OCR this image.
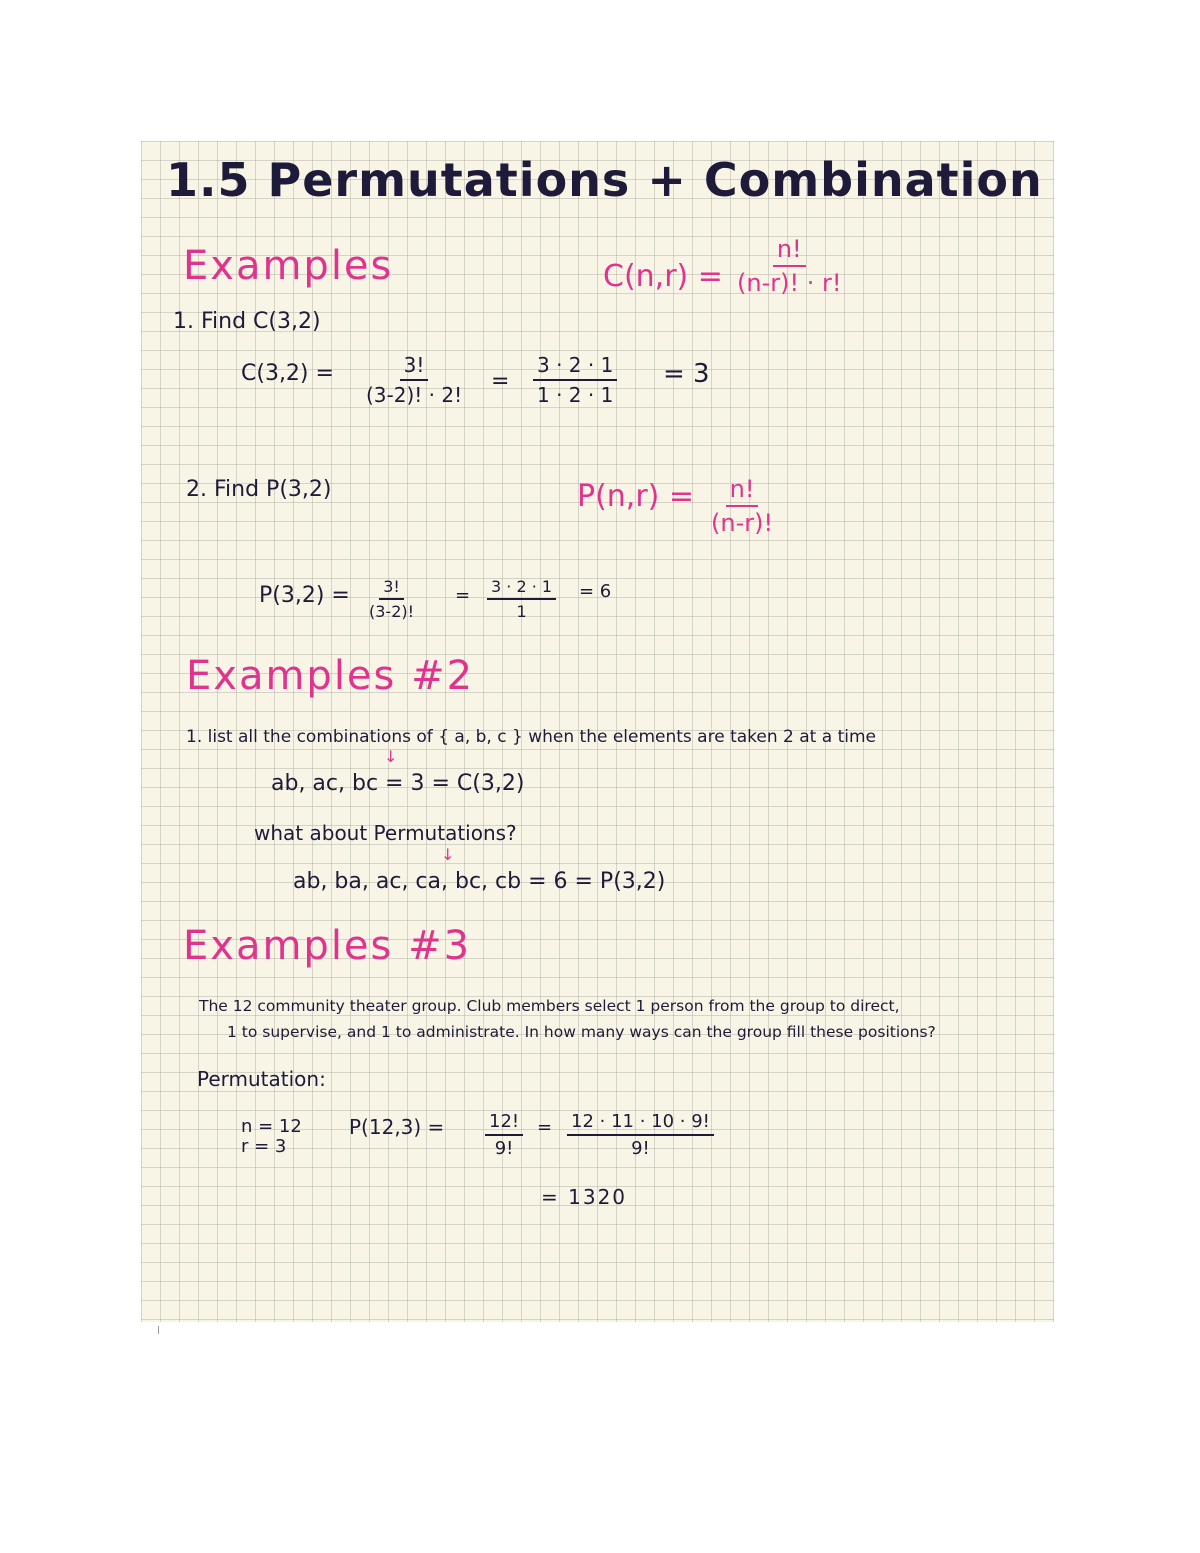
1.5 Permutations + Combination
Examples	$C(n,r) = \frac{n!}{(n-r)! \cdot r!}$
1. Find C(3,2)
$C(3,2) = \frac{3!}{(3-2)! \cdot 2!} = \frac{3 \cdot 2 \cdot 1}{1 \cdot 2 \cdot 1} = 3$
2. Find P(3,2)	$P(n,r) = \frac{n!}{(n-r)!}$
$P(3,2) = \frac{3!}{(3-2)!} = \frac{3 \cdot 2 \cdot 1}{1} = 6$
Examples #2
1. list all the combinations of { a, b, c } when the elements are taken 2 at a time
↓
ab, ac, bc = 3 = C(3,2)
what about Permutations?
↓
ab, ba, ac, ca, bc, cb = 6 = P(3,2)
Examples #3
The 12 community theater group. Club members select 1 person from the group to direct,
1 to supervise, and 1 to administrate. In how many ways can the group fill these positions?
Permutation:
n = 12
r = 3
$P(12,3) = \frac{12!}{9!} = \frac{12 \cdot 11 \cdot 10 \cdot 9!}{9!}$
= 1320
